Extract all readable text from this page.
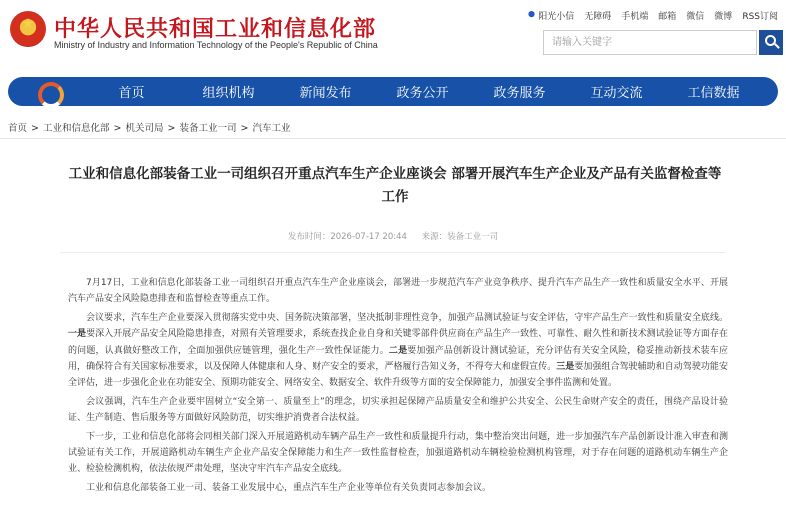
★
中华人民共和国工业和信息化部
Ministry of Industry and Information Technology of the People's Republic of China
阳光小信 无障碍 手机端 邮箱 微信 微博 RSS订阅
请输入关键字
首页	组织机构	新闻发布	政务公开	政务服务	互动交流	工信数据
首页 > 工业和信息化部 > 机关司局 > 装备工业一司 > 汽车工业
工业和信息化部装备工业一司组织召开重点汽车生产企业座谈会 部署开展汽车生产企业及产品有关监督检查等工作
发布时间：2026-07-17 20:44 来源：装备工业一司

7月17日，工业和信息化部装备工业一司组织召开重点汽车生产企业座谈会，部署进一步规范汽车产业竞争秩序、提升汽车产品生产一致性和质量安全水平、开展汽车产品安全风险隐患排查和监督检查等重点工作。

会议要求，汽车生产企业要深入贯彻落实党中央、国务院决策部署，坚决抵制非理性竞争，加强产品测试验证与安全评估，守牢产品生产一致性和质量安全底线。一是要深入开展产品安全风险隐患排查，对照有关管理要求，系统查找企业自身和关键零部件供应商在产品生产一致性、可靠性、耐久性和新技术测试验证等方面存在的问题，认真做好整改工作，全面加强供应链管理，强化生产一致性保证能力。二是要加强产品创新设计测试验证，充分评估有关安全风险，稳妥推动新技术装车应用，确保符合有关国家标准要求，以及保障人体健康和人身、财产安全的要求，严格履行告知义务，不得夸大和虚假宣传。三是要加强组合驾驶辅助和自动驾驶功能安全评估，进一步强化企业在功能安全、预期功能安全、网络安全、数据安全、软件升级等方面的安全保障能力，加强安全事件监测和处置。

会议强调，汽车生产企业要牢固树立“安全第一、质量至上”的理念，切实承担起保障产品质量安全和维护公共安全、公民生命财产安全的责任，围绕产品设计验证、生产制造、售后服务等方面做好风险防范，切实维护消费者合法权益。

下一步，工业和信息化部将会同相关部门深入开展道路机动车辆产品生产一致性和质量提升行动，集中整治突出问题，进一步加强汽车产品创新设计准入审查和测试验证有关工作，开展道路机动车辆生产企业产品安全保障能力和生产一致性监督检查，加强道路机动车辆检验检测机构管理，对于存在问题的道路机动车辆生产企业、检验检测机构，依法依规严肃处理，坚决守牢汽车产品安全底线。

工业和信息化部装备工业一司、装备工业发展中心，重点汽车生产企业等单位有关负责同志参加会议。
